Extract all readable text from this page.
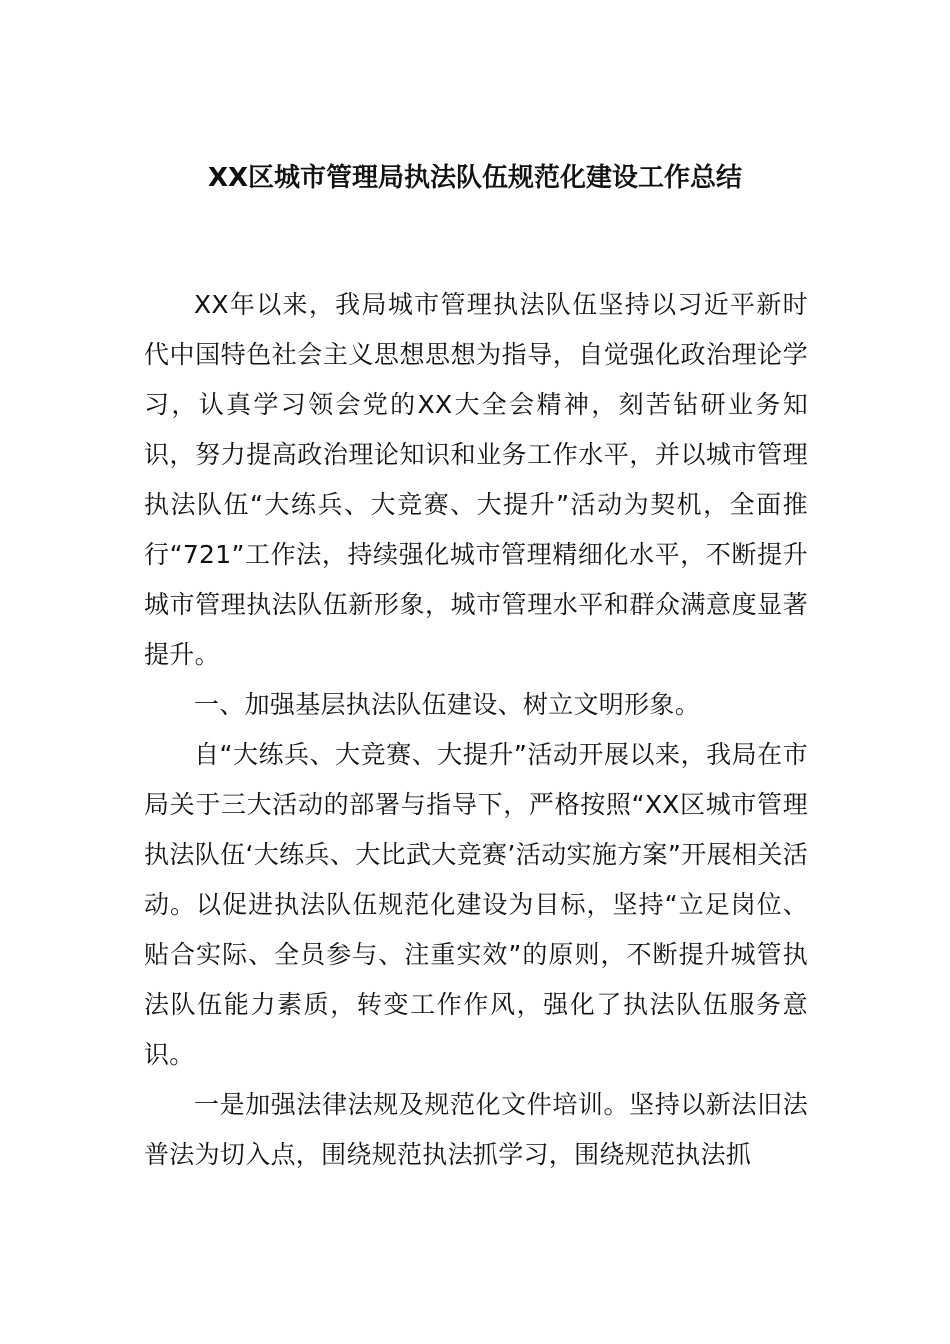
XX区城市管理局执法队伍规范化建设工作总结

XX年以来，我局城市管理执法队伍坚持以习近平新时代中国特色社会主义思想思想为指导，自觉强化政治理论学习，认真学习领会党的XX大全会精神，刻苦钻研业务知识，努力提高政治理论知识和业务工作水平，并以城市管理执法队伍“大练兵、大竞赛、大提升”活动为契机，全面推行“721”工作法，持续强化城市管理精细化水平，不断提升城市管理执法队伍新形象，城市管理水平和群众满意度显著提升。

一、加强基层执法队伍建设、树立文明形象。

自“大练兵、大竞赛、大提升”活动开展以来，我局在市局关于三大活动的部署与指导下，严格按照“XX区城市管理执法队伍‘大练兵、大比武大竞赛’活动实施方案”开展相关活动。以促进执法队伍规范化建设为目标，坚持“立足岗位、贴合实际、全员参与、注重实效”的原则，不断提升城管执法队伍能力素质，转变工作作风，强化了执法队伍服务意识。

一是加强法律法规及规范化文件培训。坚持以新法旧法普法为切入点，围绕规范执法抓学习，围绕规范执法抓
